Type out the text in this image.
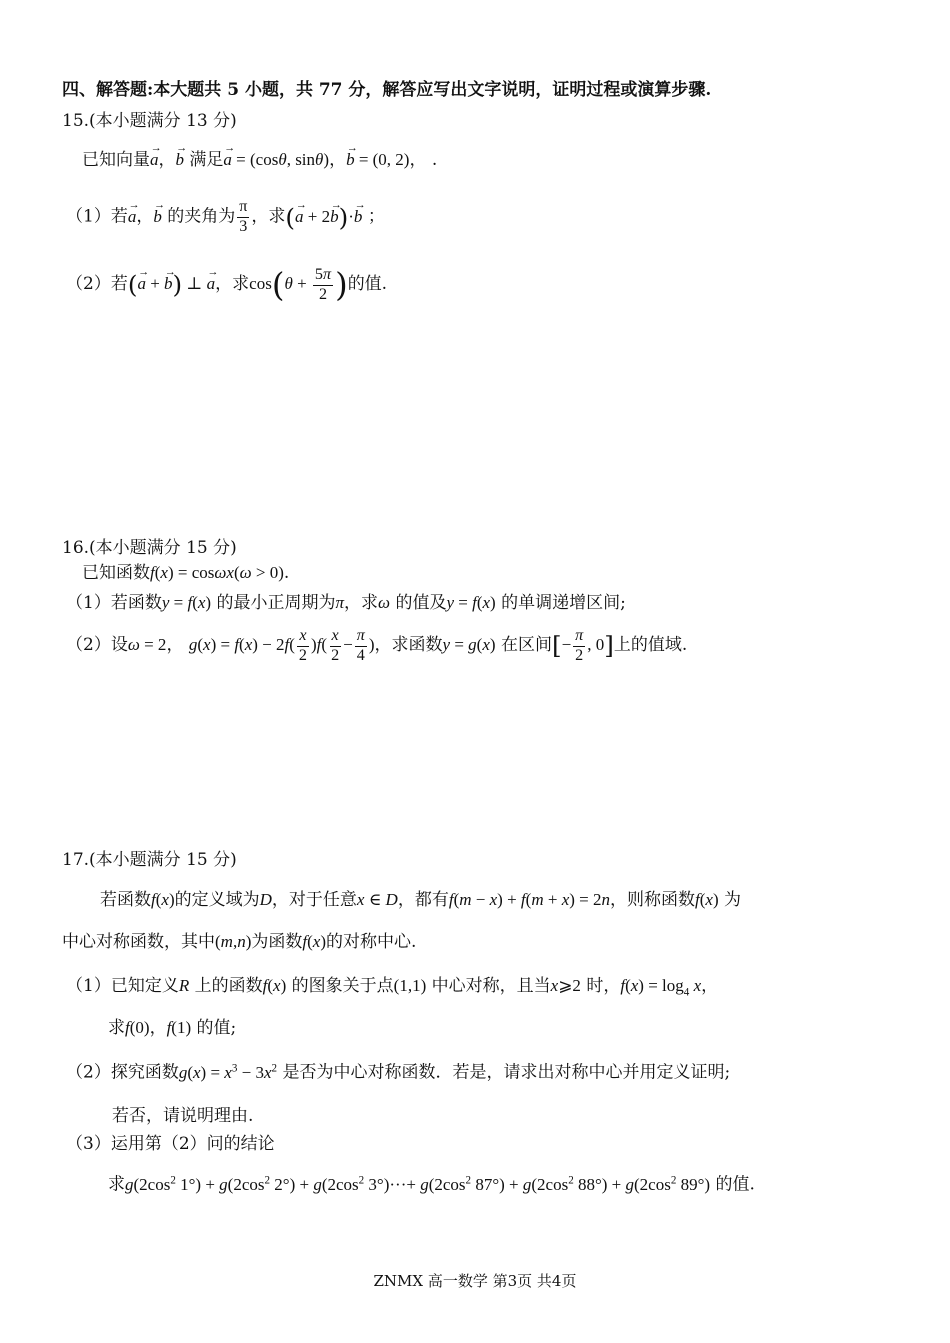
四、解答题:本大题共 5 小题，共 77 分，解答应写出文字说明，证明过程或演算步骤.
15.(本小题满分 13 分)
已知向量→ a，→ b 满足→ a = (cosθ, sinθ)，→ b = (0, 2)， .
（1）若→ a，→ b 的夹角为 $\frac{\pi}{3}$ ，求(→ a + 2→ b)·→ b ；
（2）若(→ a + → b) ⊥ → a，求$\cos(\theta + \frac{5\pi}{2}$ )的值.
16.(本小题满分 15 分)
已知函数f(x) = cosωx(ω > 0).
（1）若函数y = f(x) 的最小正周期为π，求ω 的值及y = f(x) 的单调递增区间;
（2）设ω = 2， $g(x) = f(x) - 2f( \frac{x}{2} )f( \frac{x}{2} - \frac{\pi}{4}$ )，求函数y = g(x) 在区间[− $\frac{\pi}{2}$ , 0]上的值域.
17.(本小题满分 15 分)
若函数f(x)的定义域为D，对于任意x ∈ D，都有f(m − x) + f(m + x) = 2n，则称函数f(x) 为
中心对称函数，其中(m,n)为函数f(x)的对称中心.
（1）已知定义R 上的函数f(x) 的图象关于点(1,1) 中心对称，且当x⩾2 时，$f(x) = \log_4 x$，
求f(0)，f(1) 的值;
（2）探究函数$g(x) = x^3 - 3x^2$ 是否为中心对称函数．若是，请求出对称中心并用定义证明;
若否，请说明理由.
（3）运用第（2）问的结论
求$g(2\cos^2$ $1^\circ) + g(2\cos^2$ $2^\circ) + g(2\cos^2$ $3^\circ)\cdot\cdot\cdot+ g(2\cos^2$ $87^\circ) + g(2\cos^2$ $88^\circ) + g(2\cos^2$ 89°) 的值.
ZNMX 高一数学 第3页 共4页
